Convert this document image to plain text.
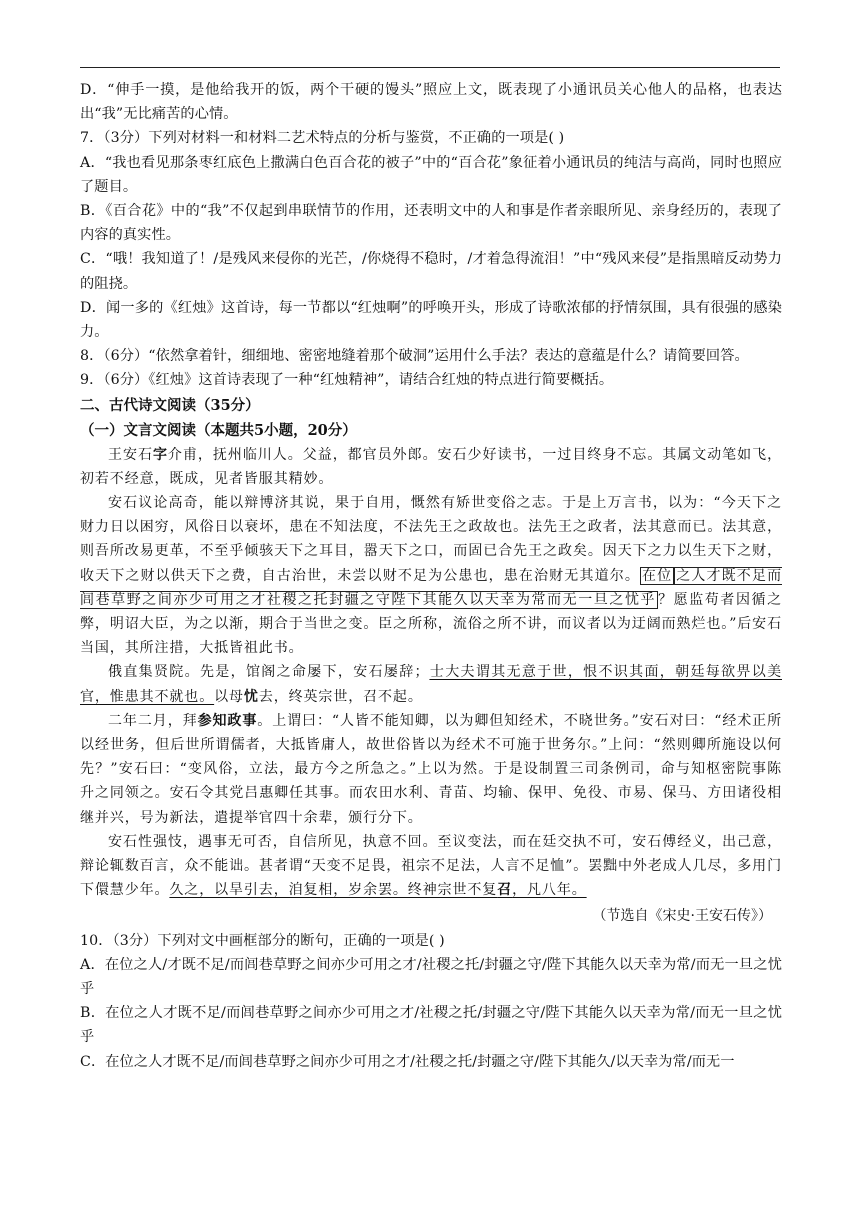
D．“伸手一摸，是他给我开的饭，两个干硬的馒头”照应上文，既表现了小通讯员关心他人的品格，也表达出“我”无比痛苦的心情。

7．（3分）下列对材料一和材料二艺术特点的分析与鉴赏，不正确的一项是( )

A．“我也看见那条枣红底色上撒满白色百合花的被子”中的“百合花”象征着小通讯员的纯洁与高尚，同时也照应了题目。

B．《百合花》中的“我”不仅起到串联情节的作用，还表明文中的人和事是作者亲眼所见、亲身经历的，表现了内容的真实性。

C．“哦！我知道了！/是残风来侵你的光芒，/你烧得不稳时，/才着急得流泪！”中“残风来侵”是指黑暗反动势力的阻挠。

D．闻一多的《红烛》这首诗，每一节都以“红烛啊”的呼唤开头，形成了诗歌浓郁的抒情氛围，具有很强的感染力。

8．（6分）“依然拿着针，细细地、密密地缝着那个破洞”运用什么手法？表达的意蕴是什么？请简要回答。

9．（6分）《红烛》这首诗表现了一种“红烛精神”，请结合红烛的特点进行简要概括。

二、古代诗文阅读（35分）

（一）文言文阅读（本题共5小题，20分）

王安石字介甫，抚州临川人。父益，都官员外郎。安石少好读书，一过目终身不忘。其属文动笔如飞，初若不经意，既成，见者皆服其精妙。

安石议论高奇，能以辩博济其说，果于自用，慨然有矫世变俗之志。于是上万言书，以为：“今天下之财力日以困穷，风俗日以衰坏，患在不知法度，不法先王之政故也。法先王之政者，法其意而已。法其意，则吾所改易更革，不至乎倾骇天下之耳目，嚣天下之口，而固已合先王之政矣。因天下之力以生天下之财，收天下之财以供天下之费，自古治世，未尝以财不足为公患也，患在治财无其道尔。 在位 之人才既不足而闾巷草野之间亦少可用之才社稷之托封疆之守陛下其能久以天幸为常而无一旦之忧乎 ？愿监苟者因循之弊，明诏大臣，为之以渐，期合于当世之变。臣之所称，流俗之所不讲，而议者以为迂阔而熟烂也。”后安石当国，其所注措，大抵皆祖此书。

俄直集贤院。先是，馆阁之命屡下，安石屡辞；士大夫谓其无意于世，恨不识其面，朝廷每欲畀以美官，惟患其不就也。以母忧去，终英宗世，召不起。

二年二月，拜参知政事。上谓曰：“人皆不能知卿，以为卿但知经术，不晓世务。”安石对曰：“经术正所以经世务，但后世所谓儒者，大抵皆庸人，故世俗皆以为经术不可施于世务尔。”上问：“然则卿所施设以何先？”安石曰：“变风俗，立法，最方今之所急之。”上以为然。于是设制置三司条例司，命与知枢密院事陈升之同领之。安石令其党吕惠卿任其事。而农田水利、青苗、均输、保甲、免役、市易、保马、方田诸役相继并兴，号为新法，遣提举官四十余辈，颁行分下。

安石性强忮，遇事无可否，自信所见，执意不回。至议变法，而在廷交执不可，安石傅经义，出己意，辩论辄数百言，众不能诎。甚者谓“天变不足畏，祖宗不足法，人言不足恤”。罢黜中外老成人几尽，多用门下儇慧少年。久之，以旱引去，洎复相，岁余罢。终神宗世不复召，凡八年。

（节选自《宋史·王安石传》）

10．（3分）下列对文中画框部分的断句，正确的一项是( )

A．在位之人/才既不足/而闾巷草野之间亦少可用之才/社稷之托/封疆之守/陛下其能久以天幸为常/而无一旦之忧乎

B．在位之人才既不足/而闾巷草野之间亦少可用之才/社稷之托/封疆之守/陛下其能久以天幸为常/而无一旦之忧乎

C．在位之人才既不足/而闾巷草野之间亦少可用之才/社稷之托/封疆之守/陛下其能久/以天幸为常/而无一
